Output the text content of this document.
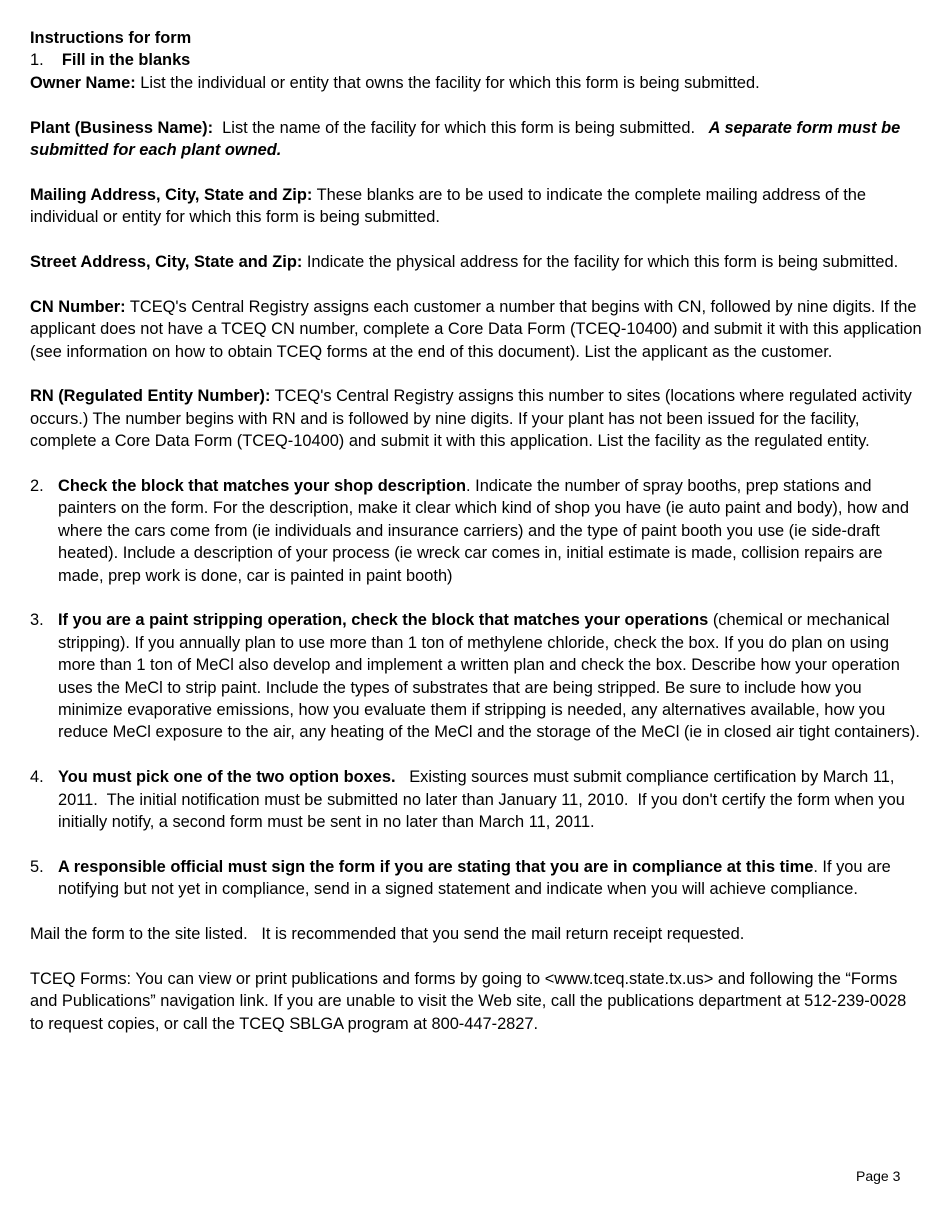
Instructions for form

1. Fill in the blanks

Owner Name: List the individual or entity that owns the facility for which this form is being submitted.

Plant (Business Name):  List the name of the facility for which this form is being submitted.   A separate form must be submitted for each plant owned.

Mailing Address, City, State and Zip: These blanks are to be used to indicate the complete mailing address of the individual or entity for which this form is being submitted.

Street Address, City, State and Zip: Indicate the physical address for the facility for which this form is being submitted.

CN Number: TCEQ's Central Registry assigns each customer a number that begins with CN, followed by nine digits. If the applicant does not have a TCEQ CN number, complete a Core Data Form (TCEQ-10400) and submit it with this application (see information on how to obtain TCEQ forms at the end of this document). List the applicant as the customer.

RN (Regulated Entity Number): TCEQ's Central Registry assigns this number to sites (locations where regulated activity occurs.) The number begins with RN and is followed by nine digits. If your plant has not been issued for the facility, complete a Core Data Form (TCEQ-10400) and submit it with this application. List the facility as the regulated entity.

2. Check the block that matches your shop description. Indicate the number of spray booths, prep stations and painters on the form. For the description, make it clear which kind of shop you have (ie auto paint and body), how and where the cars come from (ie individuals and insurance carriers) and the type of paint booth you use (ie side-draft heated). Include a description of your process (ie wreck car comes in, initial estimate is made, collision repairs are made, prep work is done, car is painted in paint booth)

3. If you are a paint stripping operation, check the block that matches your operations (chemical or mechanical stripping). If you annually plan to use more than 1 ton of methylene chloride, check the box. If you do plan on using more than 1 ton of MeCl also develop and implement a written plan and check the box. Describe how your operation uses the MeCl to strip paint. Include the types of substrates that are being stripped. Be sure to include how you minimize evaporative emissions, how you evaluate them if stripping is needed, any alternatives available, how you reduce MeCl exposure to the air, any heating of the MeCl and the storage of the MeCl (ie in closed air tight containers).

4. You must pick one of the two option boxes.   Existing sources must submit compliance certification by March 11, 2011.  The initial notification must be submitted no later than January 11, 2010.  If you don't certify the form when you initially notify, a second form must be sent in no later than March 11, 2011.

5. A responsible official must sign the form if you are stating that you are in compliance at this time. If you are notifying but not yet in compliance, send in a signed statement and indicate when you will achieve compliance.

Mail the form to the site listed.   It is recommended that you send the mail return receipt requested.

TCEQ Forms: You can view or print publications and forms by going to <www.tceq.state.tx.us> and following the “Forms and Publications” navigation link. If you are unable to visit the Web site, call the publications department at 512-239-0028 to request copies, or call the TCEQ SBLGA program at 800-447-2827.

Page 3
